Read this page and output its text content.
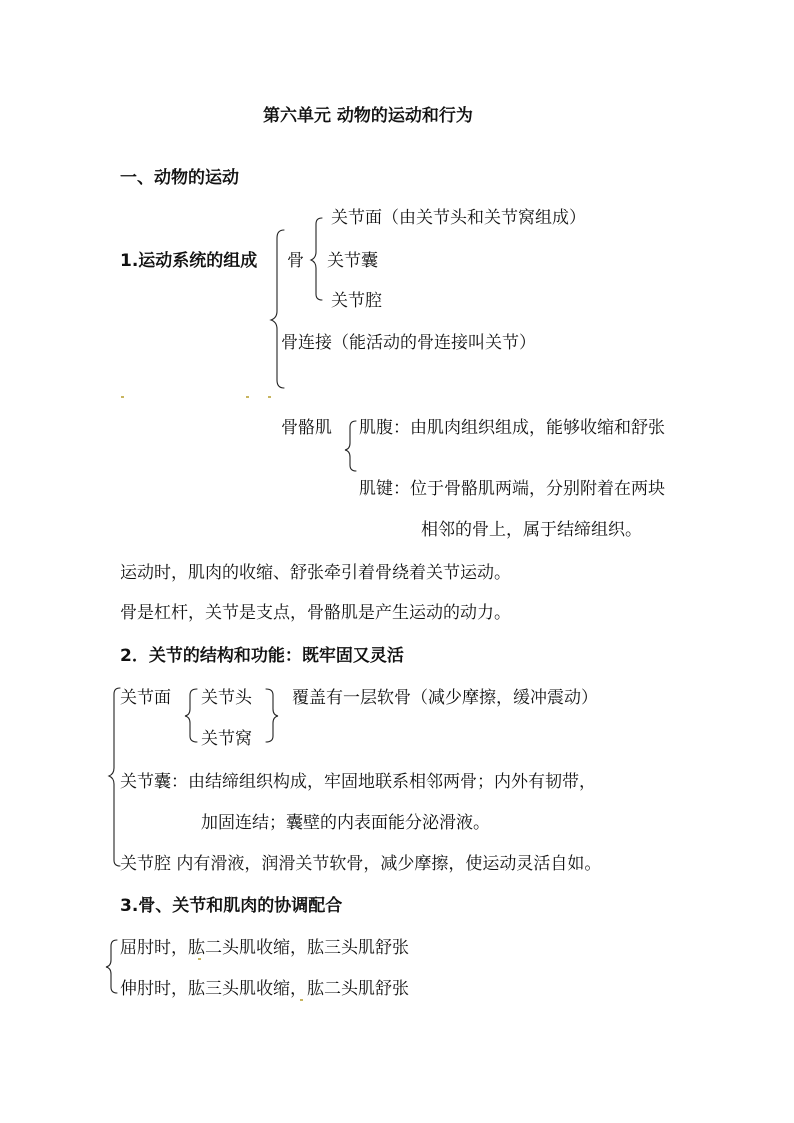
第六单元 动物的运动和行为
一、动物的运动
关节面（由关节头和关节窝组成）
1.运动系统的组成 骨 关节囊
关节腔
骨连接（能活动的骨连接叫关节）
骨骼肌 肌腹：由肌肉组织组成，能够收缩和舒张
肌键：位于骨骼肌两端，分别附着在两块
相邻的骨上，属于结缔组织。
运动时，肌肉的收缩、舒张牵引着骨绕着关节运动。
骨是杠杆，关节是支点，骨骼肌是产生运动的动力。
2．关节的结构和功能：既牢固又灵活
关节面 关节头 覆盖有一层软骨（减少摩擦，缓冲震动）
关节窝
关节囊：由结缔组织构成，牢固地联系相邻两骨；内外有韧带，
加固连结；囊壁的内表面能分泌滑液。
关节腔 内有滑液，润滑关节软骨，减少摩擦，使运动灵活自如。
3.骨、关节和肌肉的协调配合
屈肘时，肱二头肌收缩，肱三头肌舒张
伸肘时，肱三头肌收缩，肱二头肌舒张
